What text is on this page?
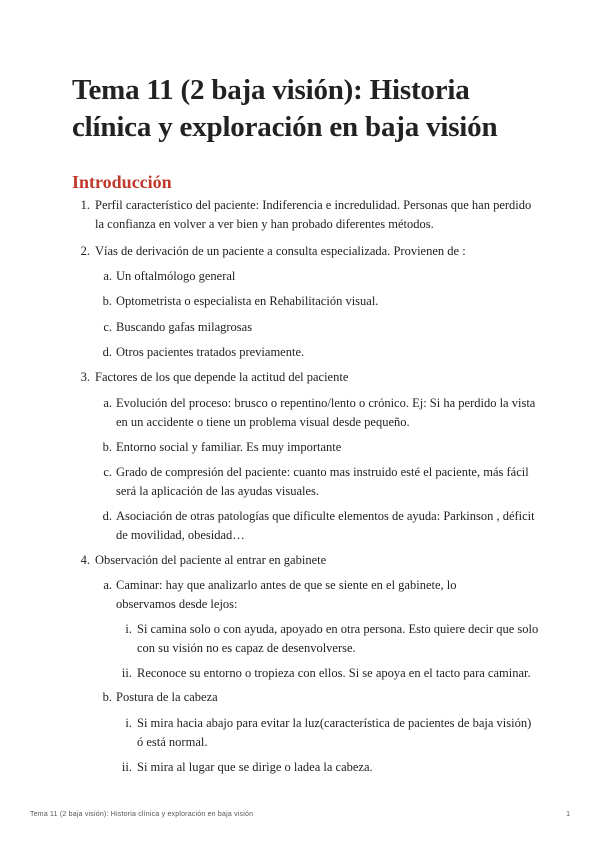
Tema 11 (2 baja visión): Historia clínica y exploración en baja visión
Introducción
1. Perfil característico del paciente: Indiferencia e incredulidad. Personas que han perdido
la confianza en volver a ver bien y han probado diferentes métodos.
2. Vías de derivación de un paciente a consulta especializada. Provienen de :
a. Un oftalmólogo general
b. Optometrista o especialista en Rehabilitación visual.
c. Buscando gafas milagrosas
d. Otros pacientes tratados previamente.
3. Factores de los que depende la actitud del paciente
a. Evolución del proceso: brusco o repentino/lento o crónico. Ej: Si ha perdido la vista
en un accidente o tiene un problema visual desde pequeño.
b. Entorno social y familiar. Es muy importante
c. Grado de compresión del paciente: cuanto mas instruido esté el paciente, más fácil
será la aplicación de las ayudas visuales.
d. Asociación de otras patologías que dificulte elementos de ayuda: Parkinson , déficit
de movilidad, obesidad…
4. Observación del paciente al entrar en gabinete
a. Caminar: hay que analizarlo antes de que se siente en el gabinete, lo
observamos desde lejos:
i. Si camina solo o con ayuda, apoyado en otra persona. Esto quiere decir que solo
con su visión no es capaz de desenvolverse.
ii. Reconoce su entorno o tropieza con ellos. Si se apoya en el tacto para caminar.
b. Postura de la cabeza
i. Si mira hacia abajo para evitar la luz(característica de pacientes de baja visión)
ó está normal.
ii. Si mira al lugar que se dirige o ladea la cabeza.
Tema 11 (2 baja visión): Historia clínica y exploración en baja visión	1
